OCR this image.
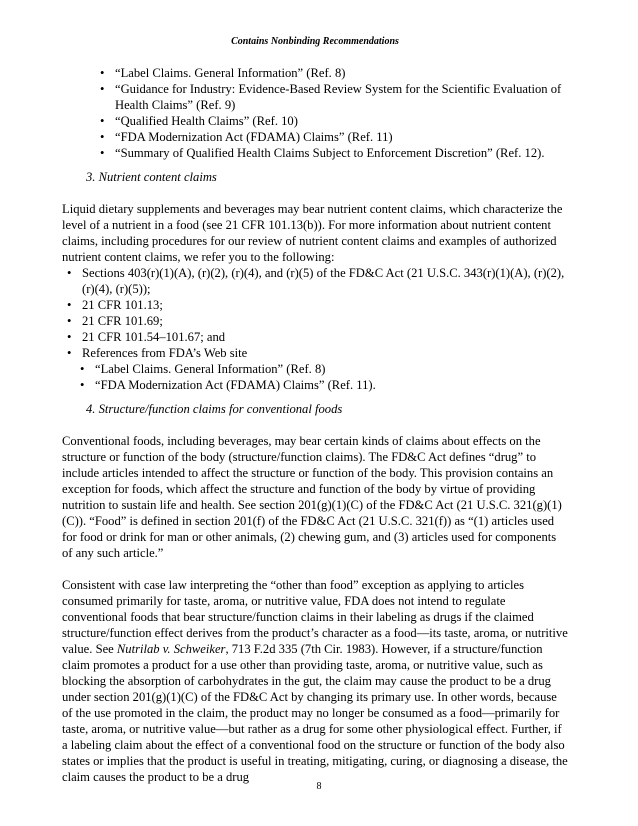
Contains Nonbinding Recommendations
• “Label Claims. General Information” (Ref. 8)
• “Guidance for Industry: Evidence-Based Review System for the Scientific Evaluation of Health Claims” (Ref. 9)
• “Qualified Health Claims” (Ref. 10)
• “FDA Modernization Act (FDAMA) Claims” (Ref. 11)
• “Summary of Qualified Health Claims Subject to Enforcement Discretion” (Ref. 12).

3. Nutrient content claims

Liquid dietary supplements and beverages may bear nutrient content claims, which characterize the level of a nutrient in a food (see 21 CFR 101.13(b)). For more information about nutrient content claims, including procedures for our review of nutrient content claims and examples of authorized nutrient content claims, we refer you to the following:

• Sections 403(r)(1)(A), (r)(2), (r)(4), and (r)(5) of the FD&C Act (21 U.S.C. 343(r)(1)(A), (r)(2), (r)(4), (r)(5));
• 21 CFR 101.13;
• 21 CFR 101.69;
• 21 CFR 101.54–101.67; and
• References from FDA’s Web site
• “Label Claims. General Information” (Ref. 8)
• “FDA Modernization Act (FDAMA) Claims” (Ref. 11).

4. Structure/function claims for conventional foods

Conventional foods, including beverages, may bear certain kinds of claims about effects on the structure or function of the body (structure/function claims). The FD&C Act defines “drug” to include articles intended to affect the structure or function of the body. This provision contains an exception for foods, which affect the structure and function of the body by virtue of providing nutrition to sustain life and health. See section 201(g)(1)(C) of the FD&C Act (21 U.S.C. 321(g)(1)(C)). “Food” is defined in section 201(f) of the FD&C Act (21 U.S.C. 321(f)) as “(1) articles used for food or drink for man or other animals, (2) chewing gum, and (3) articles used for components of any such article.”

Consistent with case law interpreting the “other than food” exception as applying to articles consumed primarily for taste, aroma, or nutritive value, FDA does not intend to regulate conventional foods that bear structure/function claims in their labeling as drugs if the claimed structure/function effect derives from the product’s character as a food—its taste, aroma, or nutritive value. See Nutrilab v. Schweiker, 713 F.2d 335 (7th Cir. 1983). However, if a structure/function claim promotes a product for a use other than providing taste, aroma, or nutritive value, such as blocking the absorption of carbohydrates in the gut, the claim may cause the product to be a drug under section 201(g)(1)(C) of the FD&C Act by changing its primary use. In other words, because of the use promoted in the claim, the product may no longer be consumed as a food—primarily for taste, aroma, or nutritive value—but rather as a drug for some other physiological effect. Further, if a labeling claim about the effect of a conventional food on the structure or function of the body also states or implies that the product is useful in treating, mitigating, curing, or diagnosing a disease, the claim causes the product to be a drug

8
